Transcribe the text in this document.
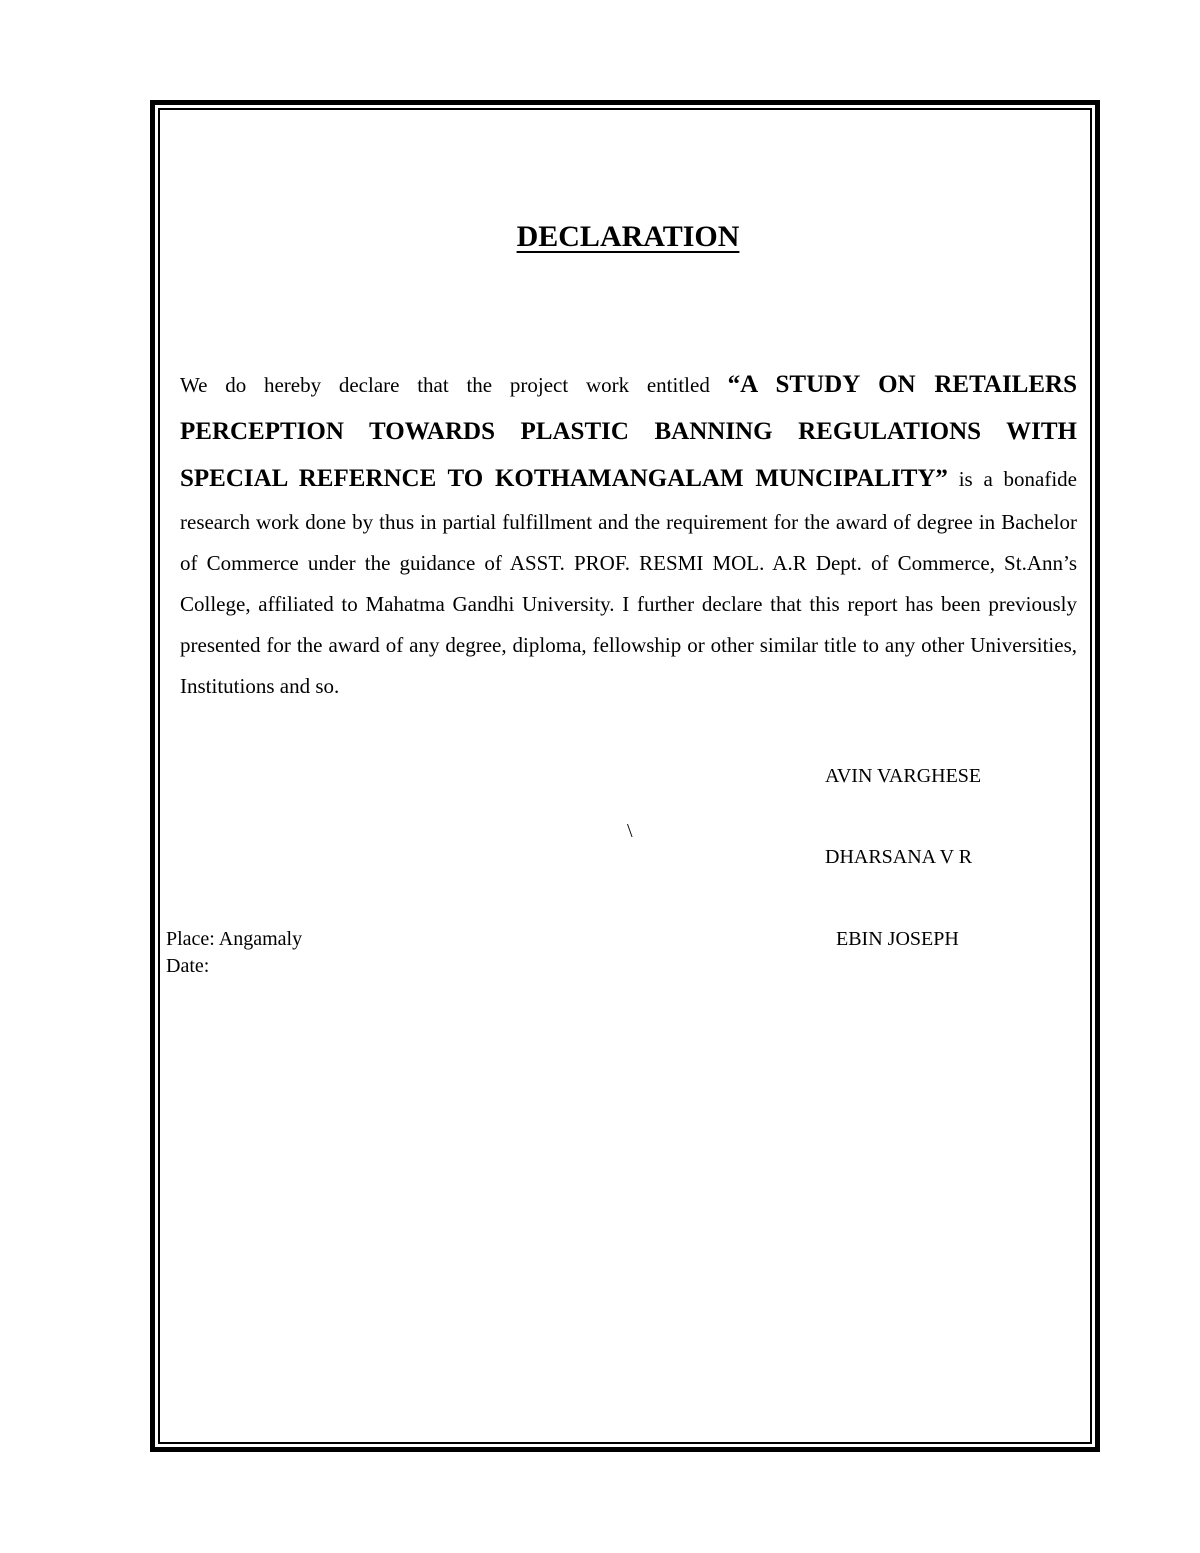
DECLARATION

We do hereby declare that the project work entitled “A STUDY ON RETAILERS PERCEPTION TOWARDS PLASTIC BANNING REGULATIONS WITH SPECIAL REFERNCE TO KOTHAMANGALAM MUNCIPALITY” is a bonafide research work done by thus in partial fulfillment and the requirement for the award of degree in Bachelor of Commerce under the guidance of ASST. PROF. RESMI MOL. A.R Dept. of Commerce, St.Ann’s College, affiliated to Mahatma Gandhi University. I further declare that this report has been previously presented for the award of any degree, diploma, fellowship or other similar title to any other Universities, Institutions and so.

AVIN VARGHESE
\
DHARSANA V R
EBIN JOSEPH
Place: Angamaly
Date:
